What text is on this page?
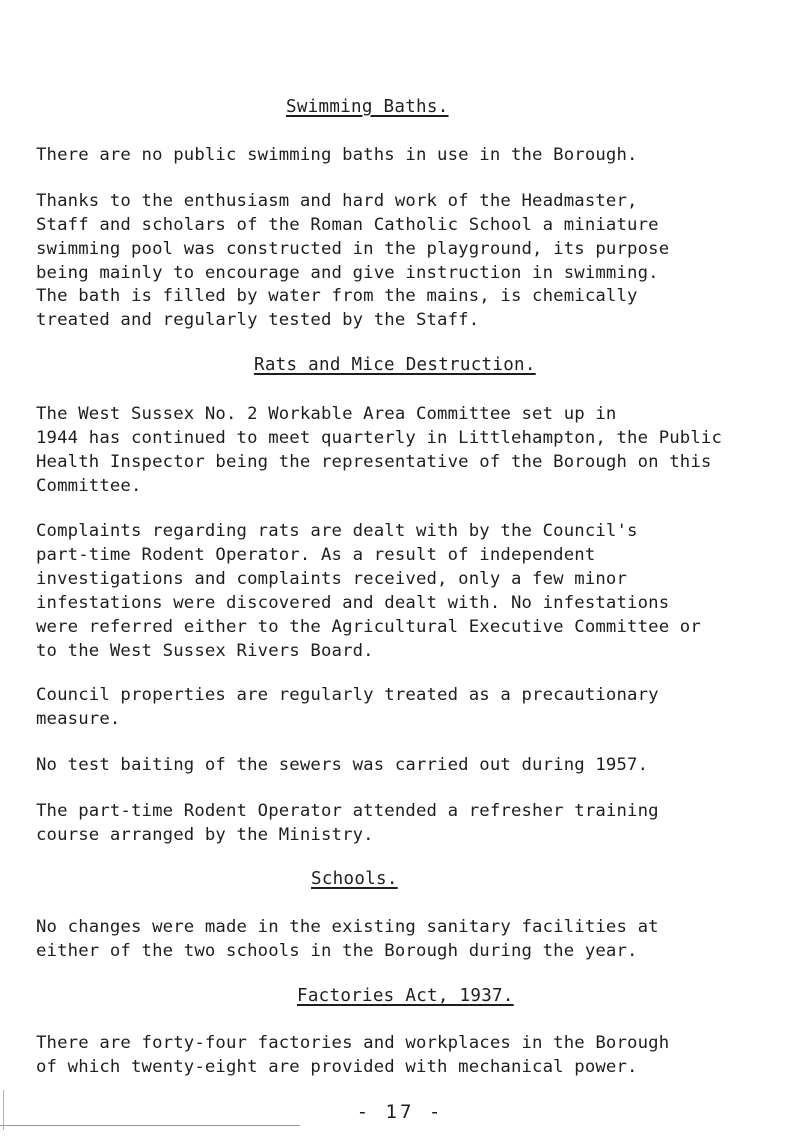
Swimming Baths.
There are no public swimming baths in use in the Borough.
Thanks to the enthusiasm and hard work of the Headmaster,
Staff and scholars of the Roman Catholic School a miniature
swimming pool was constructed in the playground, its purpose
being mainly to encourage and give instruction in swimming.
The bath is filled by water from the mains, is chemically
treated and regularly tested by the Staff.
Rats and Mice Destruction.
The West Sussex No. 2 Workable Area Committee set up in
1944 has continued to meet quarterly in Littlehampton, the Public
Health Inspector being the representative of the Borough on this
Committee.
Complaints regarding rats are dealt with by the Council's
part-time Rodent Operator. As a result of independent
investigations and complaints received, only a few minor
infestations were discovered and dealt with. No infestations
were referred either to the Agricultural Executive Committee or
to the West Sussex Rivers Board.
Council properties are regularly treated as a precautionary
measure.
No test baiting of the sewers was carried out during 1957.
The part-time Rodent Operator attended a refresher training
course arranged by the Ministry.
Schools.
No changes were made in the existing sanitary facilities at
either of the two schools in the Borough during the year.
Factories Act, 1937.
There are forty-four factories and workplaces in the Borough
of which twenty-eight are provided with mechanical power.
- 17 -
